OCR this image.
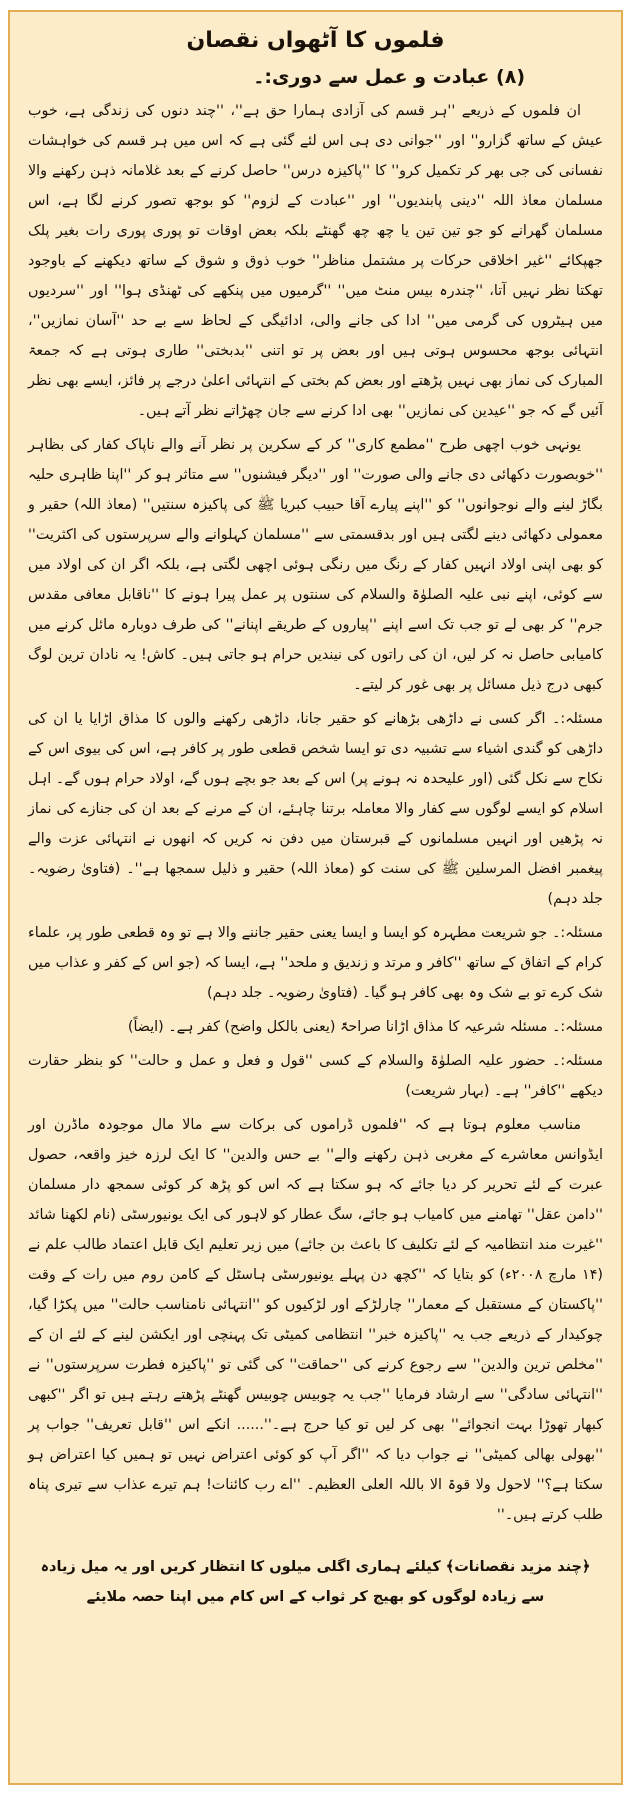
فلموں کا آٹھواں نقصان
(۸) عبادت و عمل سے دوری:۔

ان فلموں کے ذریعے ''ہر قسم کی آزادی ہمارا حق ہے''، ''چند دنوں کی زندگی ہے، خوب عیش کے ساتھ گزارو'' اور ''جوانی دی ہی اس لئے گئی ہے کہ اس میں ہر قسم کی خواہشات نفسانی کی جی بھر کر تکمیل کرو'' کا ''پاکیزہ درس'' حاصل کرنے کے بعد غلامانہ ذہن رکھنے والا مسلمان معاذ اللہ ''دینی پابندیوں'' اور ''عبادت کے لزوم'' کو بوجھ تصور کرنے لگا ہے، اس مسلمان گھرانے کو جو تین تین یا چھ چھ گھنٹے بلکہ بعض اوقات تو پوری پوری رات بغیر پلک جھپکائے ''غیر اخلاقی حرکات پر مشتمل مناظر'' خوب ذوق و شوق کے ساتھ دیکھنے کے باوجود تھکتا نظر نہیں آتا، ''چندرہ بیس منٹ میں'' ''گرمیوں میں پنکھے کی ٹھنڈی ہوا'' اور ''سردیوں میں ہیٹروں کی گرمی میں'' ادا کی جانے والی، ادائیگی کے لحاظ سے بے حد ''آسان نمازیں''، انتہائی بوجھ محسوس ہوتی ہیں اور بعض پر تو اتنی ''بدبختی'' طاری ہوتی ہے کہ جمعۃ المبارک کی نماز بھی نہیں پڑھتے اور بعض کم بختی کے انتہائی اعلیٰ درجے پر فائز، ایسے بھی نظر آئیں گے کہ جو ''عیدین کی نمازیں'' بھی ادا کرنے سے جان چھڑاتے نظر آتے ہیں۔

یونہی خوب اچھی طرح ''مطمع کاری'' کر کے سکرین پر نظر آنے والے ناپاک کفار کی بظاہر ''خوبصورت دکھائی دی جانے والی صورت'' اور ''دیگر فیشنوں'' سے متاثر ہو کر ''اپنا ظاہری حلیہ بگاڑ لینے والے نوجوانوں'' کو ''اپنے پیارے آقا حبیب کبریا ﷺ کی پاکیزہ سنتیں'' (معاذ اللہ) حقیر و معمولی دکھائی دینے لگتی ہیں اور بدقسمتی سے ''مسلمان کہلوانے والے سرپرستوں کی اکثریت'' کو بھی اپنی اولاد انہیں کفار کے رنگ میں رنگی ہوئی اچھی لگتی ہے، بلکہ اگر ان کی اولاد میں سے کوئی، اپنے نبی علیہ الصلوٰۃ والسلام کی سنتوں پر عمل پیرا ہونے کا ''ناقابل معافی مقدس جرم'' کر بھی لے تو جب تک اسے اپنے ''پیاروں کے طریقے اپنانے'' کی طرف دوبارہ مائل کرنے میں کامیابی حاصل نہ کر لیں، ان کی راتوں کی نیندیں حرام ہو جاتی ہیں۔ کاش! یہ نادان ترین لوگ کبھی درج ذیل مسائل پر بھی غور کر لیتے۔

مسئلہ:۔ اگر کسی نے داڑھی بڑھانے کو حقیر جانا، داڑھی رکھنے والوں کا مذاق اڑایا یا ان کی داڑھی کو گندی اشیاء سے تشبیہ دی تو ایسا شخص قطعی طور پر کافر ہے، اس کی بیوی اس کے نکاح سے نکل گئی (اور علیحدہ نہ ہونے پر) اس کے بعد جو بچے ہوں گے، اولاد حرام ہوں گے۔ اہل اسلام کو ایسے لوگوں سے کفار والا معاملہ برتنا چاہئے، ان کے مرنے کے بعد ان کی جنازے کی نماز نہ پڑھیں اور انہیں مسلمانوں کے قبرستان میں دفن نہ کریں کہ انھوں نے انتہائی عزت والے پیغمبر افضل المرسلین ﷺ کی سنت کو (معاذ اللہ) حقیر و ذلیل سمجھا ہے''۔ (فتاویٰ رضویہ۔ جلد دہم)

مسئلہ:۔ جو شریعت مطہرہ کو ایسا و ایسا یعنی حقیر جاننے والا ہے تو وہ قطعی طور پر، علماء کرام کے اتفاق کے ساتھ ''کافر و مرتد و زندیق و ملحد'' ہے، ایسا کہ (جو اس کے کفر و عذاب میں شک کرے تو بے شک وہ بھی کافر ہو گیا۔ (فتاویٰ رضویہ۔ جلد دہم)

مسئلہ:۔ مسئلہ شرعیہ کا مذاق اڑانا صراحۃً (یعنی بالکل واضح) کفر ہے۔ (ایضاً)

مسئلہ:۔ حضور علیہ الصلوٰۃ والسلام کے کسی ''قول و فعل و عمل و حالت'' کو بنظر حقارت دیکھے ''کافر'' ہے۔ (بہار شریعت)

مناسب معلوم ہوتا ہے کہ ''فلموں ڈراموں کی برکات سے مالا مال موجودہ ماڈرن اور ایڈوانس معاشرے کے مغربی ذہن رکھنے والے'' بے حس والدین'' کا ایک لرزہ خیز واقعہ، حصول عبرت کے لئے تحریر کر دیا جائے کہ ہو سکتا ہے کہ اس کو پڑھ کر کوئی سمجھ دار مسلمان ''دامن عقل'' تھامنے میں کامیاب ہو جائے، سگ عطار کو لاہور کی ایک یونیورسٹی (نام لکھنا شائد ''غیرت مند انتظامیہ کے لئے تکلیف کا باعث بن جائے) میں زیر تعلیم ایک قابل اعتماد طالب علم نے (۱۴ مارچ ۲۰۰۸ء) کو بتایا کہ ''کچھ دن پہلے یونیورسٹی ہاسٹل کے کامن روم میں رات کے وقت ''پاکستان کے مستقبل کے معمار'' چارلڑکے اور لڑکیوں کو ''انتہائی نامناسب حالت'' میں پکڑا گیا، چوکیدار کے ذریعے جب یہ ''پاکیزہ خبر'' انتظامی کمیٹی تک پہنچی اور ایکشن لینے کے لئے ان کے ''مخلص ترین والدین'' سے رجوع کرنے کی ''حماقت'' کی گئی تو ''پاکیزہ فطرت سرپرستوں'' نے ''انتہائی سادگی'' سے ارشاد فرمایا ''جب یہ چوبیس چوبیس گھنٹے پڑھتے رہتے ہیں تو اگر ''کبھی کبھار تھوڑا بہت انجوائے'' بھی کر لیں تو کیا حرج ہے۔''...... انکے اس ''قابل تعریف'' جواب پر ''بھولی بھالی کمیٹی'' نے جواب دیا کہ ''اگر آپ کو کوئی اعتراض نہیں تو ہمیں کیا اعتراض ہو سکتا ہے؟'' لاحول ولا قوۃ الا باللہ العلی العظیم۔ ''اے رب کائنات! ہم تیرے عذاب سے تیری پناہ طلب کرتے ہیں۔''

﴿چند مزید نقصانات﴾ کیلئے ہماری اگلی میلوں کا انتظار کریں اور یہ میل زیادہ سے زیادہ لوگوں کو بھیج کر ثواب کے اس کام میں اپنا حصہ ملایئے
